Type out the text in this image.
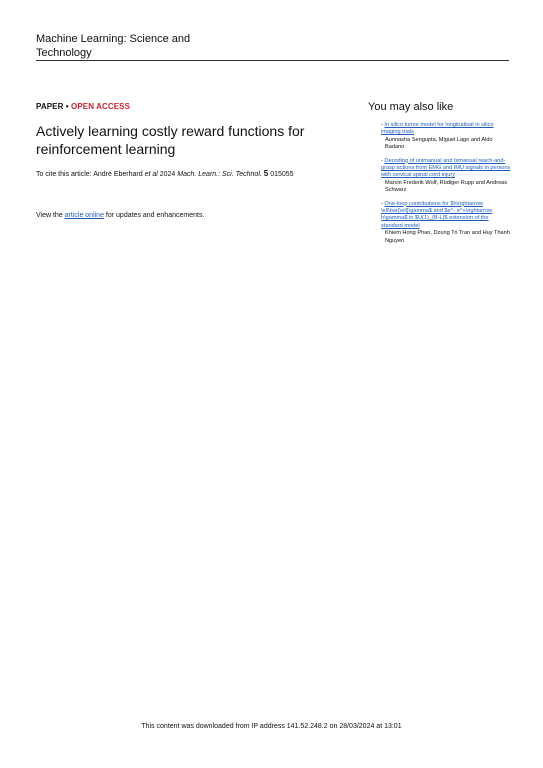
Machine Learning: Science and Technology
PAPER • OPEN ACCESS
Actively learning costly reward functions for reinforcement learning
To cite this article: André Eberhard et al 2024 Mach. Learn.: Sci. Technol. 5 015055
View the article online for updates and enhancements.
You may also like
- In silico tumor model for longitudinal in silico imaging trials
Aunnasha Sengupta, Miguel Lago and Aldo Badano
- Decoding of unimanual and bimanual reach-and-grasp actions from EMG and IMU signals in persons with cervical spinal cord injury
Marvin Frederik Wolf, Rüdiger Rupp and Andreas Schwarz
- One-loop contributions for $h\rightarrow \ell\bar{\ell}\gamma$ and $e^- e^+\rightarrow h\gamma$ in $U(1)_{B-L}$ extension of the standard model
Khiem Hong Phan, Dzung Tri Tran and Huy Thanh Nguyen
This content was downloaded from IP address 141.52.248.2 on 28/03/2024 at 13:01
